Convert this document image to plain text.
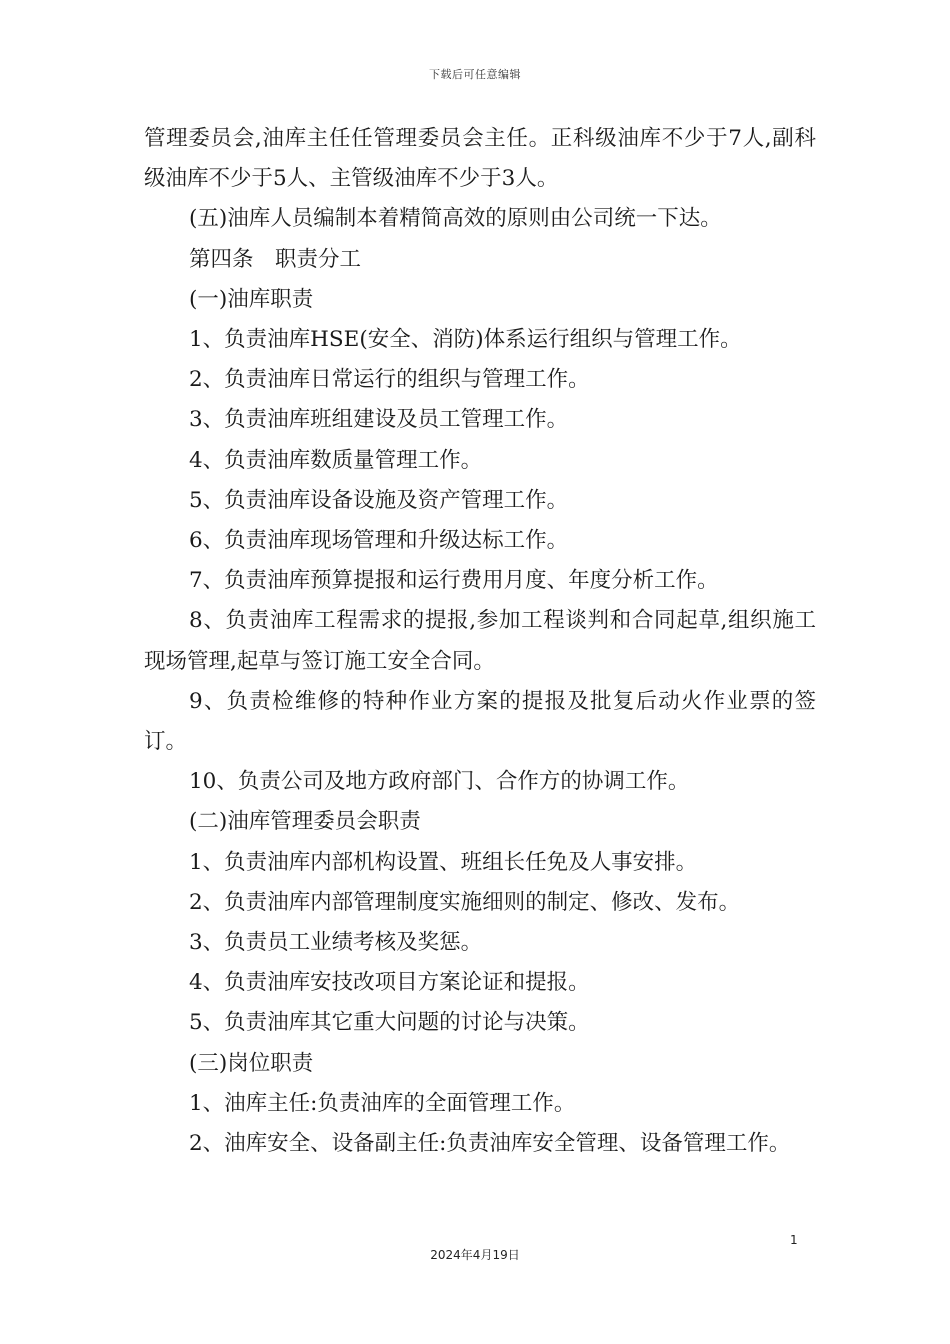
下载后可任意编辑

管理委员会,油库主任任管理委员会主任。正科级油库不少于7人,副科级油库不少于5人、主管级油库不少于3人。

(五)油库人员编制本着精简高效的原则由公司统一下达。

第四条　职责分工

(一)油库职责

1、负责油库HSE(安全、消防)体系运行组织与管理工作。

2、负责油库日常运行的组织与管理工作。

3、负责油库班组建设及员工管理工作。

4、负责油库数质量管理工作。

5、负责油库设备设施及资产管理工作。

6、负责油库现场管理和升级达标工作。

7、负责油库预算提报和运行费用月度、年度分析工作。

8、负责油库工程需求的提报,参加工程谈判和合同起草,组织施工现场管理,起草与签订施工安全合同。

9、负责检维修的特种作业方案的提报及批复后动火作业票的签订。

10、负责公司及地方政府部门、合作方的协调工作。

(二)油库管理委员会职责

1、负责油库内部机构设置、班组长任免及人事安排。

2、负责油库内部管理制度实施细则的制定、修改、发布。

3、负责员工业绩考核及奖惩。

4、负责油库安技改项目方案论证和提报。

5、负责油库其它重大问题的讨论与决策。

(三)岗位职责

1、油库主任:负责油库的全面管理工作。

2、油库安全、设备副主任:负责油库安全管理、设备管理工作。

1
2024年4月19日
